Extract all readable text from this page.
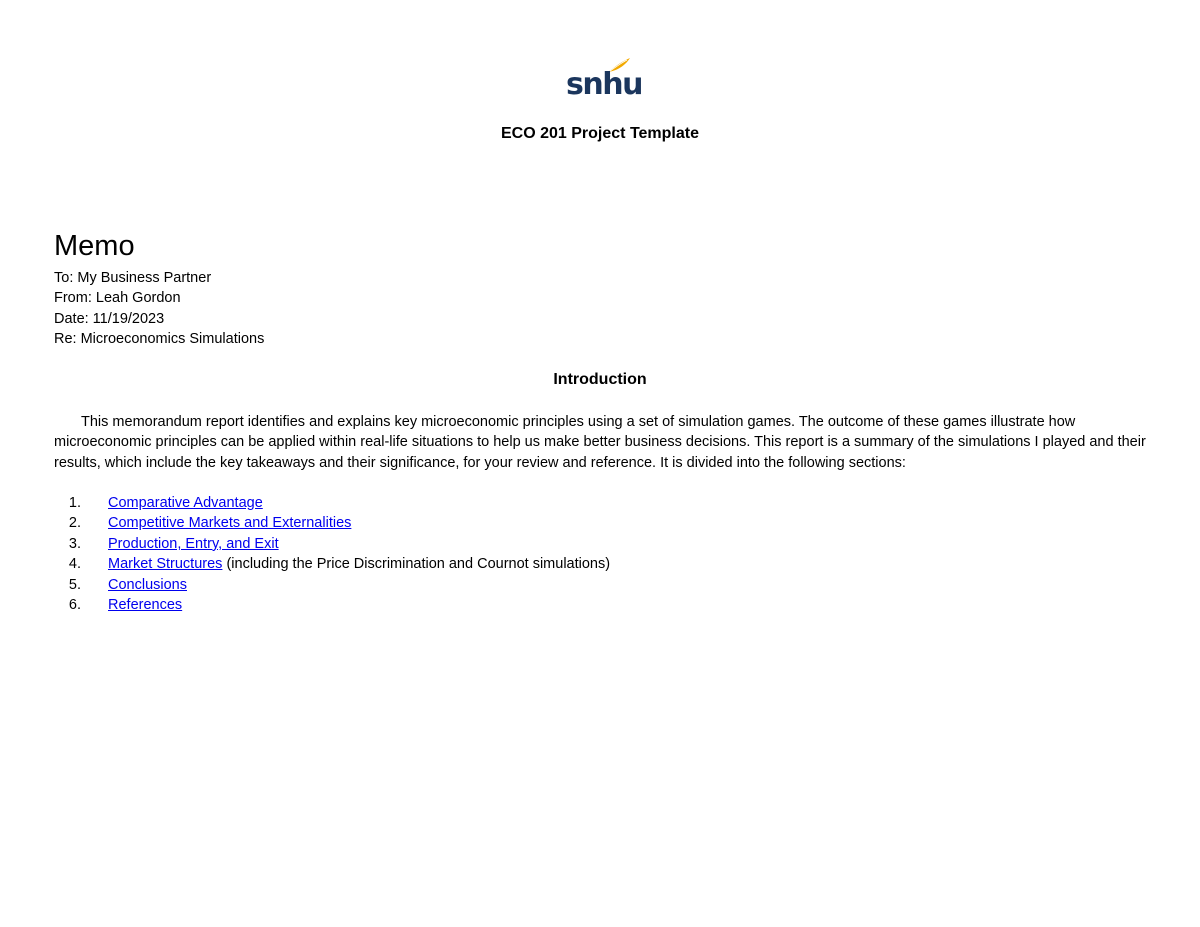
snhu
ECO 201 Project Template
Memo
To: My Business Partner
From: Leah Gordon
Date: 11/19/2023
Re: Microeconomics Simulations
Introduction

This memorandum report identifies and explains key microeconomic principles using a set of simulation games. The outcome of these games illustrate how microeconomic principles can be applied within real-life situations to help us make better business decisions. This report is a summary of the simulations I played and their results, which include the key takeaways and their significance, for your review and reference. It is divided into the following sections:

1.	Comparative Advantage
2.	Competitive Markets and Externalities
3.	Production, Entry, and Exit
4.	Market Structures (including the Price Discrimination and Cournot simulations)
5.	Conclusions
6.	References
